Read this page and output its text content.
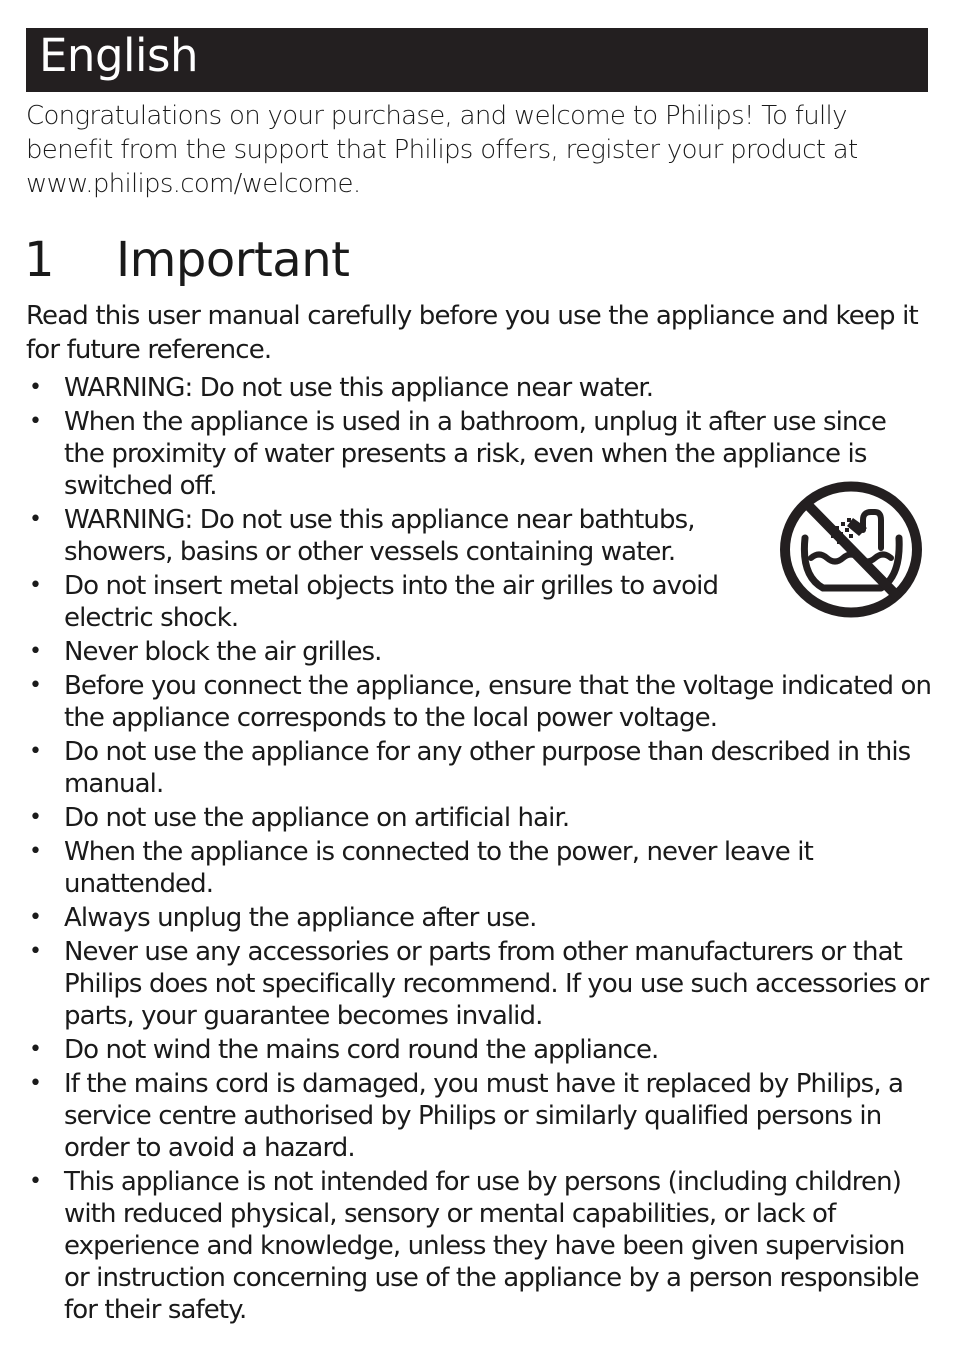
English

Congratulations on your purchase, and welcome to Philips! To fully benefit from the support that Philips offers, register your product at www.philips.com/welcome.

1 Important

Read this user manual carefully before you use the appliance and keep it for future reference.

• WARNING: Do not use this appliance near water.
• When the appliance is used in a bathroom, unplug it after use since the proximity of water presents a risk, even when the appliance is switched off.
• WARNING: Do not use this appliance near bathtubs, showers, basins or other vessels containing water.
• Do not insert metal objects into the air grilles to avoid electric shock.
• Never block the air grilles.
• Before you connect the appliance, ensure that the voltage indicated on the appliance corresponds to the local power voltage.
• Do not use the appliance for any other purpose than described in this manual.
• Do not use the appliance on artificial hair.
• When the appliance is connected to the power, never leave it unattended.
• Always unplug the appliance after use.
• Never use any accessories or parts from other manufacturers or that Philips does not specifically recommend. If you use such accessories or parts, your guarantee becomes invalid.
• Do not wind the mains cord round the appliance.
• If the mains cord is damaged, you must have it replaced by Philips, a service centre authorised by Philips or similarly qualified persons in order to avoid a hazard.
• This appliance is not intended for use by persons (including children) with reduced physical, sensory or mental capabilities, or lack of experience and knowledge, unless they have been given supervision or instruction concerning use of the appliance by a person responsible for their safety.
